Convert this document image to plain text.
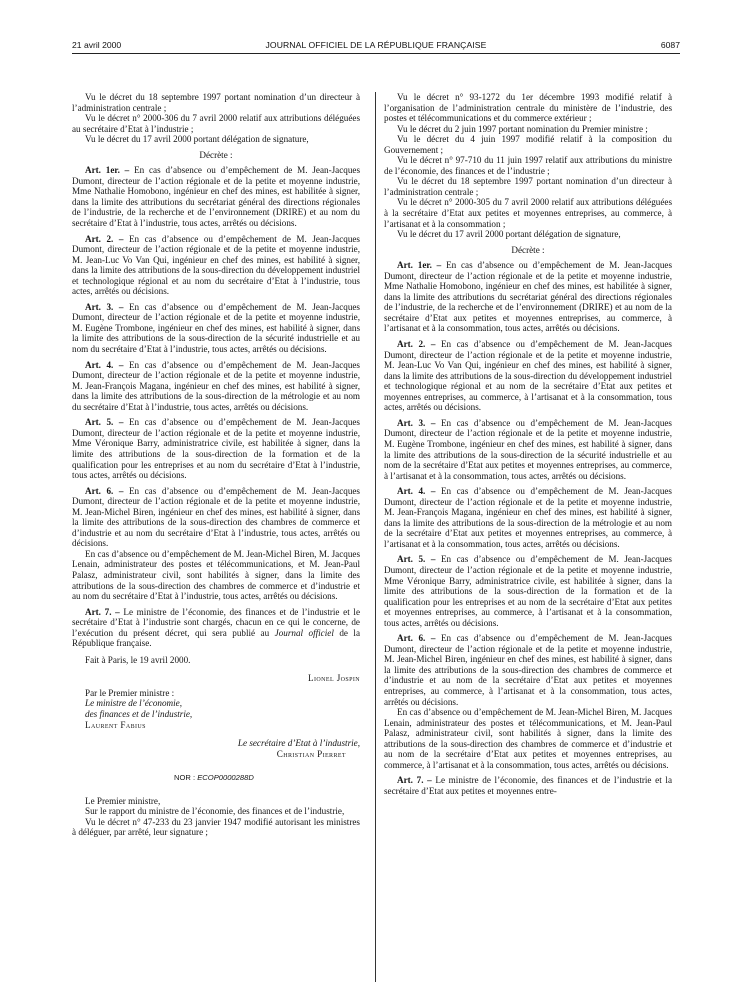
21 avril 2000	JOURNAL OFFICIEL DE LA RÉPUBLIQUE FRANÇAISE	6087

Vu le décret du 18 septembre 1997 portant nomination d’un directeur à l’administration centrale ;

Vu le décret n° 2000-306 du 7 avril 2000 relatif aux attributions déléguées au secrétaire d’Etat à l’industrie ;

Vu le décret du 17 avril 2000 portant délégation de signature,

Décrète :

Art. 1er. – En cas d’absence ou d’empêchement de M. Jean-Jacques Dumont, directeur de l’action régionale et de la petite et moyenne industrie, Mme Nathalie Homobono, ingénieur en chef des mines, est habilitée à signer, dans la limite des attributions du secrétariat général des directions régionales de l’industrie, de la recherche et de l’environnement (DRIRE) et au nom du secrétaire d’Etat à l’industrie, tous actes, arrêtés ou décisions.

Art. 2. – En cas d’absence ou d’empêchement de M. Jean-Jacques Dumont, directeur de l’action régionale et de la petite et moyenne industrie, M. Jean-Luc Vo Van Qui, ingénieur en chef des mines, est habilité à signer, dans la limite des attributions de la sous-direction du développement industriel et technologique régional et au nom du secrétaire d’Etat à l’industrie, tous actes, arrêtés ou décisions.

Art. 3. – En cas d’absence ou d’empêchement de M. Jean-Jacques Dumont, directeur de l’action régionale et de la petite et moyenne industrie, M. Eugène Trombone, ingénieur en chef des mines, est habilité à signer, dans la limite des attributions de la sous-direction de la sécurité industrielle et au nom du secrétaire d’Etat à l’industrie, tous actes, arrêtés ou décisions.

Art. 4. – En cas d’absence ou d’empêchement de M. Jean-Jacques Dumont, directeur de l’action régionale et de la petite et moyenne industrie, M. Jean-François Magana, ingénieur en chef des mines, est habilité à signer, dans la limite des attributions de la sous-direction de la métrologie et au nom du secrétaire d’Etat à l’industrie, tous actes, arrêtés ou décisions.

Art. 5. – En cas d’absence ou d’empêchement de M. Jean-Jacques Dumont, directeur de l’action régionale et de la petite et moyenne industrie, Mme Véronique Barry, administratrice civile, est habilitée à signer, dans la limite des attributions de la sous-direction de la formation et de la qualification pour les entreprises et au nom du secrétaire d’Etat à l’industrie, tous actes, arrêtés ou décisions.

Art. 6. – En cas d’absence ou d’empêchement de M. Jean-Jacques Dumont, directeur de l’action régionale et de la petite et moyenne industrie, M. Jean-Michel Biren, ingénieur en chef des mines, est habilité à signer, dans la limite des attributions de la sous-direction des chambres de commerce et d’industrie et au nom du secrétaire d’Etat à l’industrie, tous actes, arrêtés ou décisions.

En cas d’absence ou d’empêchement de M. Jean-Michel Biren, M. Jacques Lenain, administrateur des postes et télécommunications, et M. Jean-Paul Palasz, administrateur civil, sont habilités à signer, dans la limite des attributions de la sous-direction des chambres de commerce et d’industrie et au nom du secrétaire d’Etat à l’industrie, tous actes, arrêtés ou décisions.

Art. 7. – Le ministre de l’économie, des finances et de l’industrie et le secrétaire d’Etat à l’industrie sont chargés, chacun en ce qui le concerne, de l’exécution du présent décret, qui sera publié au Journal officiel de la République française.

Fait à Paris, le 19 avril 2000.

Lionel Jospin

Par le Premier ministre :
Le ministre de l’économie,
des finances et de l’industrie,
Laurent Fabius
Le secrétaire d’Etat à l’industrie,
Christian Pierret

NOR : ECOP0000288D

Le Premier ministre,

Sur le rapport du ministre de l’économie, des finances et de l’industrie,

Vu le décret n° 47-233 du 23 janvier 1947 modifié autorisant les ministres à déléguer, par arrêté, leur signature ;

Vu le décret n° 93-1272 du 1er décembre 1993 modifié relatif à l’organisation de l’administration centrale du ministère de l’industrie, des postes et télécommunications et du commerce extérieur ;

Vu le décret du 2 juin 1997 portant nomination du Premier ministre ;

Vu le décret du 4 juin 1997 modifié relatif à la composition du Gouvernement ;

Vu le décret n° 97-710 du 11 juin 1997 relatif aux attributions du ministre de l’économie, des finances et de l’industrie ;

Vu le décret du 18 septembre 1997 portant nomination d’un directeur à l’administration centrale ;

Vu le décret n° 2000-305 du 7 avril 2000 relatif aux attributions déléguées à la secrétaire d’Etat aux petites et moyennes entreprises, au commerce, à l’artisanat et à la consommation ;

Vu le décret du 17 avril 2000 portant délégation de signature,

Décrète :

Art. 1er. – En cas d’absence ou d’empêchement de M. Jean-Jacques Dumont, directeur de l’action régionale et de la petite et moyenne industrie, Mme Nathalie Homobono, ingénieur en chef des mines, est habilitée à signer, dans la limite des attributions du secrétariat général des directions régionales de l’industrie, de la recherche et de l’environnement (DRIRE) et au nom de la secrétaire d’Etat aux petites et moyennes entreprises, au commerce, à l’artisanat et à la consommation, tous actes, arrêtés ou décisions.

Art. 2. – En cas d’absence ou d’empêchement de M. Jean-Jacques Dumont, directeur de l’action régionale et de la petite et moyenne industrie, M. Jean-Luc Vo Van Qui, ingénieur en chef des mines, est habilité à signer, dans la limite des attributions de la sous-direction du développement industriel et technologique régional et au nom de la secrétaire d’Etat aux petites et moyennes entreprises, au commerce, à l’artisanat et à la consommation, tous actes, arrêtés ou décisions.

Art. 3. – En cas d’absence ou d’empêchement de M. Jean-Jacques Dumont, directeur de l’action régionale et de la petite et moyenne industrie, M. Eugène Trombone, ingénieur en chef des mines, est habilité à signer, dans la limite des attributions de la sous-direction de la sécurité industrielle et au nom de la secrétaire d’Etat aux petites et moyennes entreprises, au commerce, à l’artisanat et à la consommation, tous actes, arrêtés ou décisions.

Art. 4. – En cas d’absence ou d’empêchement de M. Jean-Jacques Dumont, directeur de l’action régionale et de la petite et moyenne industrie, M. Jean-François Magana, ingénieur en chef des mines, est habilité à signer, dans la limite des attributions de la sous-direction de la métrologie et au nom de la secrétaire d’Etat aux petites et moyennes entreprises, au commerce, à l’artisanat et à la consommation, tous actes, arrêtés ou décisions.

Art. 5. – En cas d’absence ou d’empêchement de M. Jean-Jacques Dumont, directeur de l’action régionale et de la petite et moyenne industrie, Mme Véronique Barry, administratrice civile, est habilitée à signer, dans la limite des attributions de la sous-direction de la formation et de la qualification pour les entreprises et au nom de la secrétaire d’Etat aux petites et moyennes entreprises, au commerce, à l’artisanat et à la consommation, tous actes, arrêtés ou décisions.

Art. 6. – En cas d’absence ou d’empêchement de M. Jean-Jacques Dumont, directeur de l’action régionale et de la petite et moyenne industrie, M. Jean-Michel Biren, ingénieur en chef des mines, est habilité à signer, dans la limite des attributions de la sous-direction des chambres de commerce et d’industrie et au nom de la secrétaire d’Etat aux petites et moyennes entreprises, au commerce, à l’artisanat et à la consommation, tous actes, arrêtés ou décisions.

En cas d’absence ou d’empêchement de M. Jean-Michel Biren, M. Jacques Lenain, administrateur des postes et télécommunications, et M. Jean-Paul Palasz, administrateur civil, sont habilités à signer, dans la limite des attributions de la sous-direction des chambres de commerce et d’industrie et au nom de la secrétaire d’Etat aux petites et moyennes entreprises, au commerce, à l’artisanat et à la consommation, tous actes, arrêtés ou décisions.

Art. 7. – Le ministre de l’économie, des finances et de l’industrie et la secrétaire d’Etat aux petites et moyennes entre-
